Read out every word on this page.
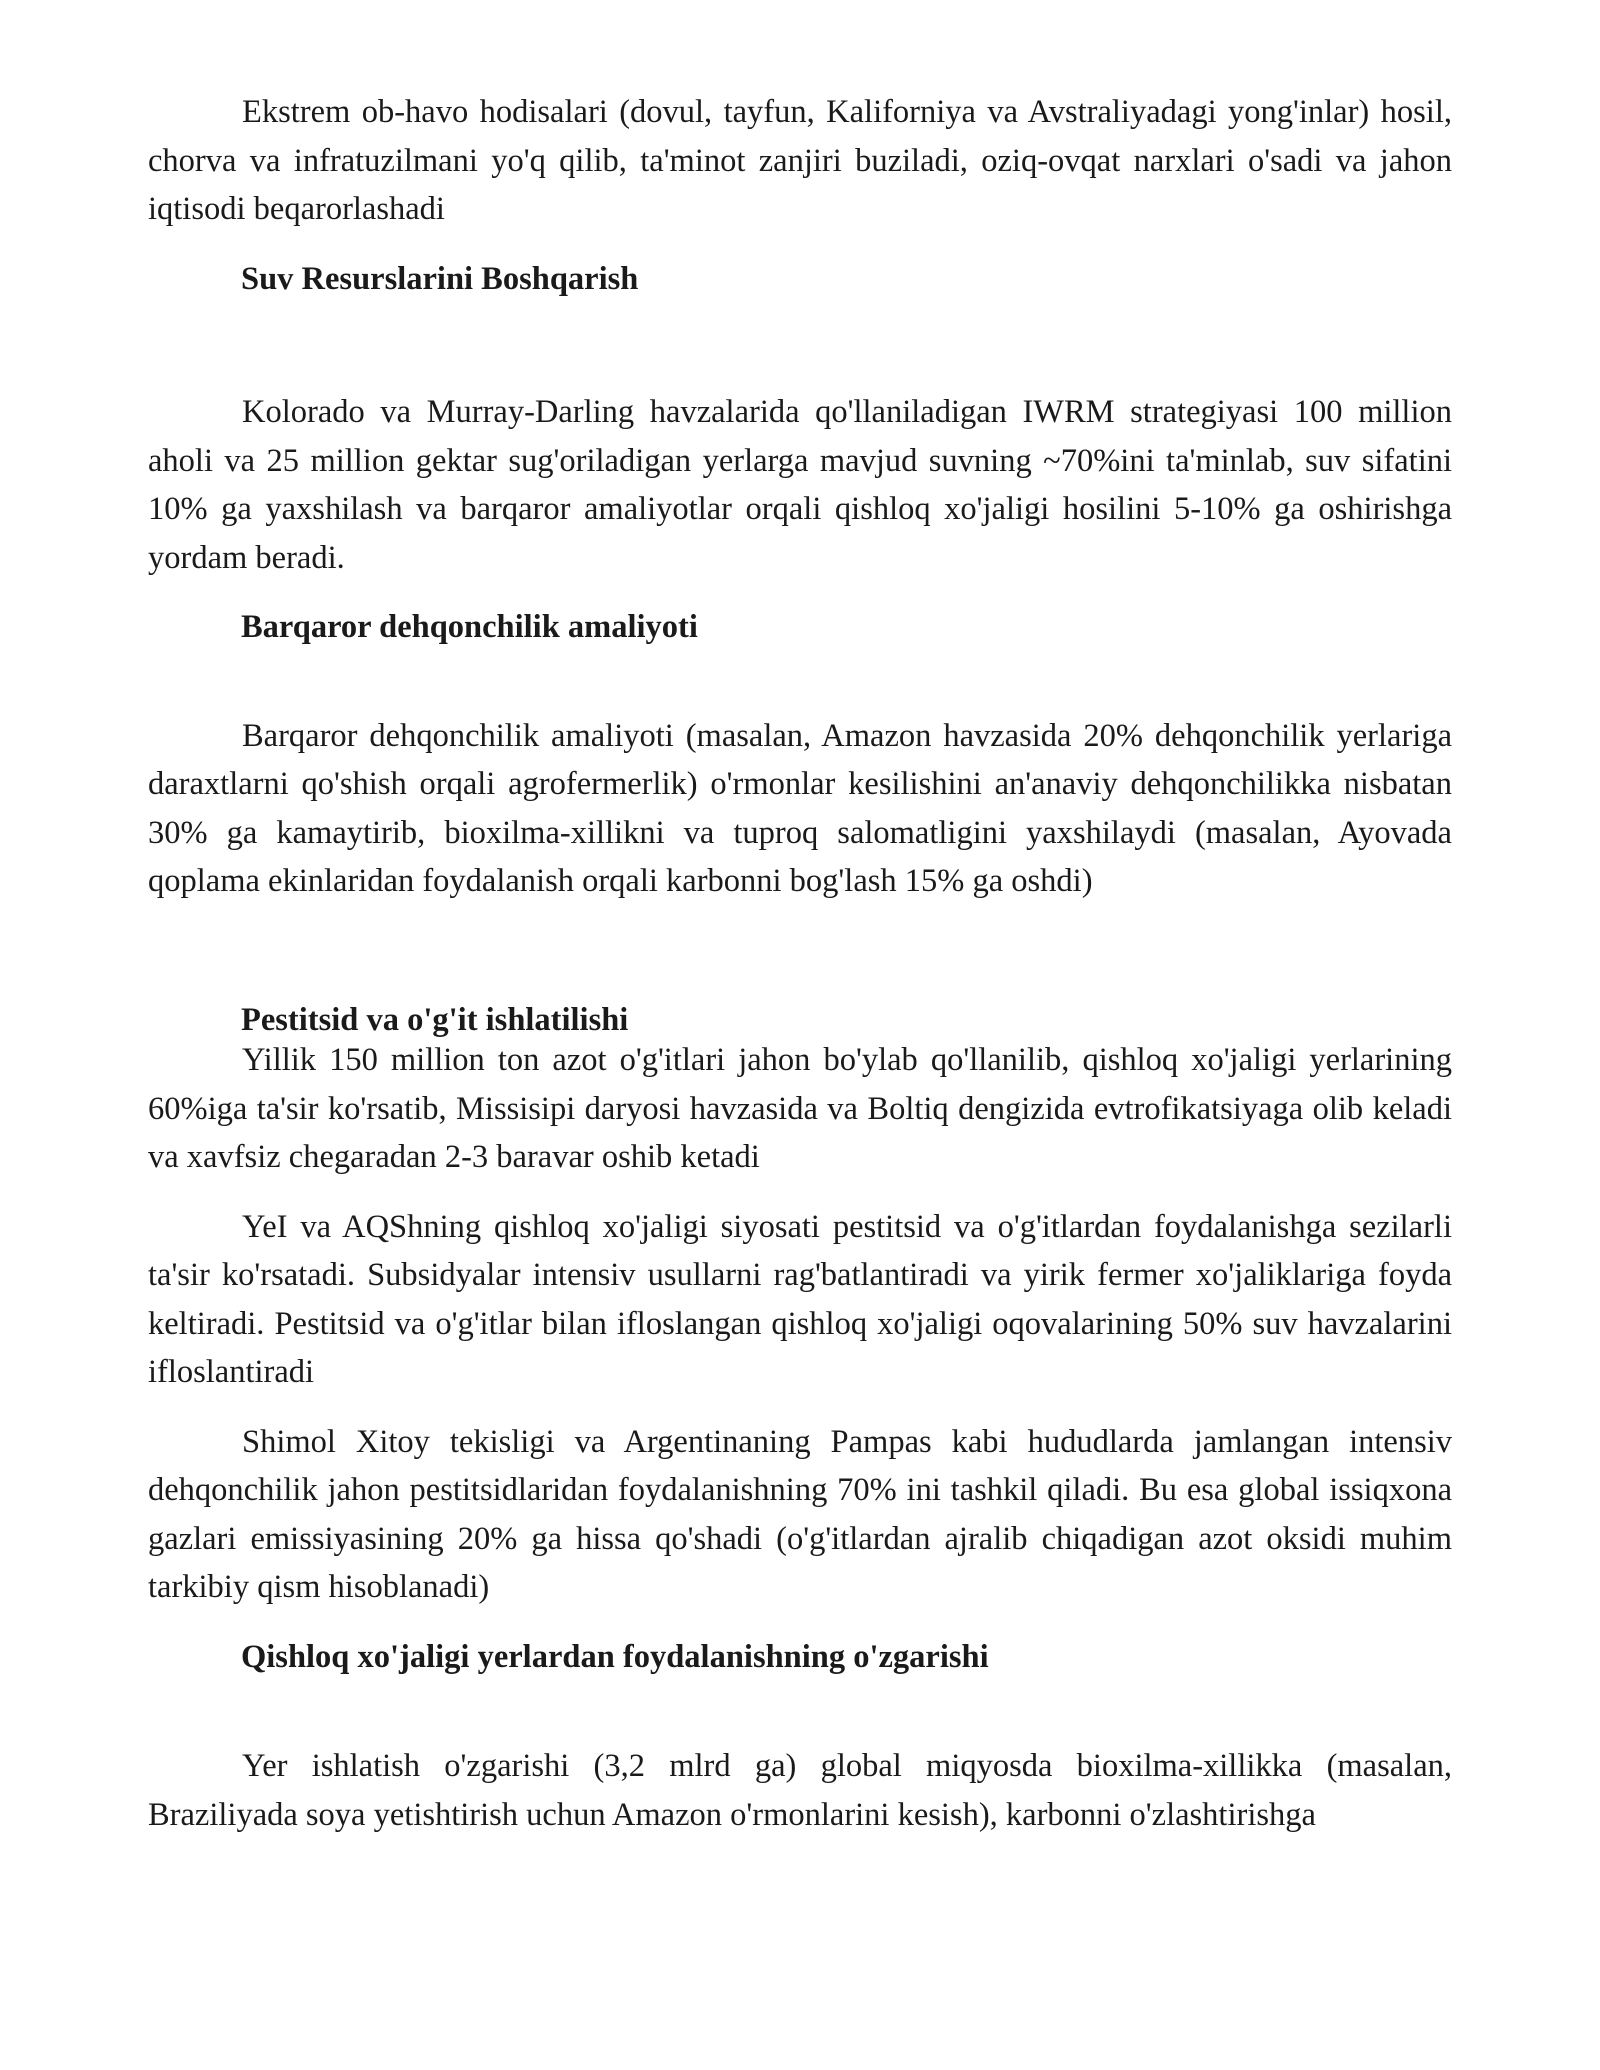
Ekstrem ob-havo hodisalari (dovul, tayfun, Kaliforniya va Avstraliyadagi yong'inlar) hosil, chorva va infratuzilmani yo'q qilib, ta'minot zanjiri buziladi, oziq-ovqat narxlari o'sadi va jahon iqtisodi beqarorlashadi

Suv Resurslarini Boshqarish

Kolorado va Murray-Darling havzalarida qo'llaniladigan IWRM strategiyasi 100 million aholi va 25 million gektar sug'oriladigan yerlarga mavjud suvning ~70%ini ta'minlab, suv sifatini 10% ga yaxshilash va barqaror amaliyotlar orqali qishloq xo'jaligi hosilini 5-10% ga oshirishga yordam beradi.

Barqaror dehqonchilik amaliyoti

Barqaror dehqonchilik amaliyoti (masalan, Amazon havzasida 20% dehqonchilik yerlariga daraxtlarni qo'shish orqali agrofermerlik) o'rmonlar kesilishini an'anaviy dehqonchilikka nisbatan 30% ga kamaytirib, bioxilma-xillikni va tuproq salomatligini yaxshilaydi (masalan, Ayovada qoplama ekinlaridan foydalanish orqali karbonni bog'lash 15% ga oshdi)

Pestitsid va o'g'it ishlatilishi

Yillik 150 million ton azot o'g'itlari jahon bo'ylab qo'llanilib, qishloq xo'jaligi yerlarining 60%iga ta'sir ko'rsatib, Missisipi daryosi havzasida va Boltiq dengizida evtrofikatsiyaga olib keladi va xavfsiz chegaradan 2-3 baravar oshib ketadi

YeI va AQShning qishloq xo'jaligi siyosati pestitsid va o'g'itlardan foydalanishga sezilarli ta'sir ko'rsatadi. Subsidyalar intensiv usullarni rag'batlantiradi va yirik fermer xo'jaliklariga foyda keltiradi. Pestitsid va o'g'itlar bilan ifloslangan qishloq xo'jaligi oqovalarining 50% suv havzalarini ifloslantiradi

Shimol Xitoy tekisligi va Argentinaning Pampas kabi hududlarda jamlangan intensiv dehqonchilik jahon pestitsidlaridan foydalanishning 70% ini tashkil qiladi. Bu esa global issiqxona gazlari emissiyasining 20% ga hissa qo'shadi (o'g'itlardan ajralib chiqadigan azot oksidi muhim tarkibiy qism hisoblanadi)

Qishloq xo'jaligi yerlardan foydalanishning o'zgarishi

Yer ishlatish o'zgarishi (3,2 mlrd ga) global miqyosda bioxilma-xillikka (masalan, Braziliyada soya yetishtirish uchun Amazon o'rmonlarini kesish), karbonni o'zlashtirishga
